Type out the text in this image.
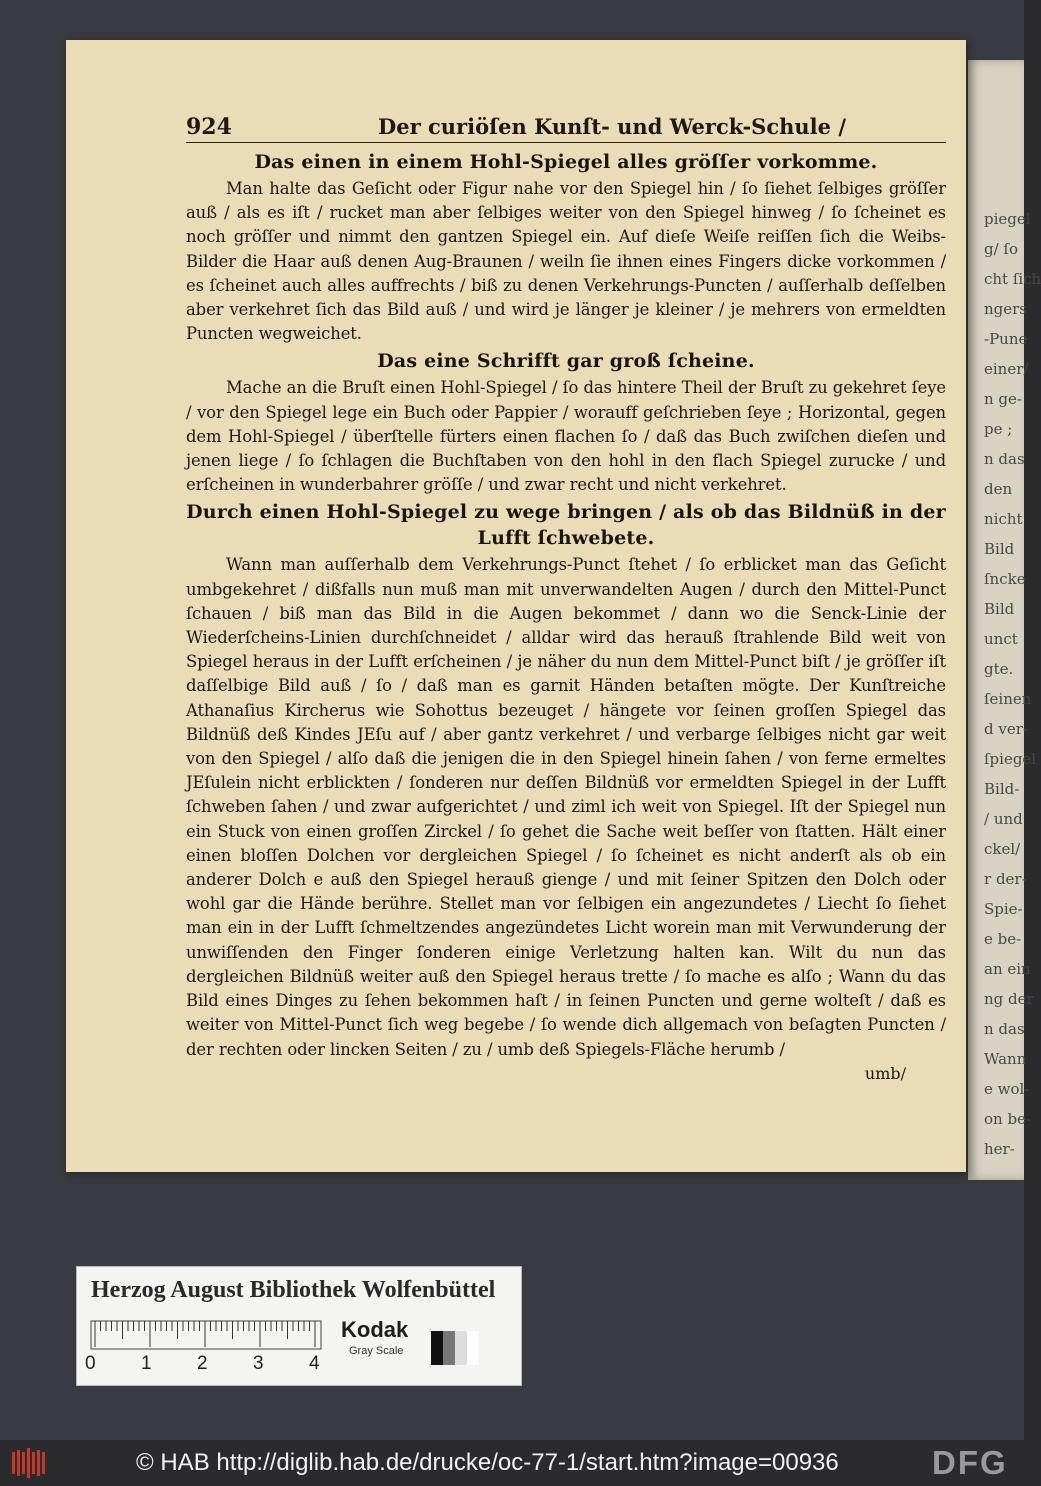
piegel
g/ ſo
cht ſich
ngers
-Pune
einer/
n ge-
pe ;
n das
den
nicht
Bild
ſncke
Bild
unct
gte.
ſeinen
d ver-
ſpiegel
Bild-
/ und
ckel/
r der-
Spie-
e be-
an ein
ng der
n das
Wann
e wol-
on be-
her-
924	Der curiöſen Kunſt- und Werck-Schule /
Das einen in einem Hohl-Spiegel alles gröſſer vorkomme.

Man halte das Geſicht oder Figur nahe vor den Spiegel hin / ſo ſiehet ſelbiges gröſſer auß / als es iſt / rucket man aber ſelbiges weiter von den Spiegel hinweg / ſo ſcheinet es noch gröſſer und nimmt den gantzen Spiegel ein. Auf dieſe Weiſe reiſſen ſich die Weibs-Bilder die Haar auß denen Aug-Braunen / weiln ſie ihnen eines Fingers dicke vorkommen / es ſcheinet auch alles auffrechts / biß zu denen Verkehrungs-Puncten / auſſerhalb deſſelben aber verkehret ſich das Bild auß / und wird je länger je kleiner / je mehrers von ermeldten Puncten wegweichet.

Das eine Schrifft gar groß ſcheine.

Mache an die Bruſt einen Hohl-Spiegel / ſo das hintere Theil der Bruſt zu gekehret ſeye / vor den Spiegel lege ein Buch oder Pappier / worauff geſchrieben ſeye ; Horizontal, gegen dem Hohl-Spiegel / überſtelle fürters einen flachen ſo / daß das Buch zwiſchen dieſen und jenen liege / ſo ſchlagen die Buchſtaben von den hohl in den flach Spiegel zurucke / und erſcheinen in wunderbahrer gröſſe / und zwar recht und nicht verkehret.

Durch einen Hohl-Spiegel zu wege bringen / als ob das Bildnüß in der Lufft ſchwebete.

Wann man auſſerhalb dem Verkehrungs-Punct ſtehet / ſo erblicket man das Geſicht umbgekehret / dißfalls nun muß man mit unverwandelten Augen / durch den Mittel-Punct ſchauen / biß man das Bild in die Augen bekommet / dann wo die Senck-Linie der Wiederſcheins-Linien durchſchneidet / alldar wird das herauß ſtrahlende Bild weit von Spiegel heraus in der Lufft erſcheinen / je näher du nun dem Mittel-Punct biſt / je gröſſer iſt daſſelbige Bild auß / ſo / daß man es garnit Händen betaſten mögte. Der Kunſtreiche Athanaſius Kircherus wie Sohottus bezeuget / hängete vor ſeinen groſſen Spiegel das Bildnüß deß Kindes JEſu auf / aber gantz verkehret / und verbarge ſelbiges nicht gar weit von den Spiegel / alſo daß die jenigen die in den Spiegel hinein ſahen / von ferne ermeltes JEſulein nicht erblickten / ſonderen nur deſſen Bildnüß vor ermeldten Spiegel in der Lufft ſchweben ſahen / und zwar aufgerichtet / und ziml ich weit von Spiegel. Iſt der Spiegel nun ein Stuck von einen groſſen Zirckel / ſo gehet die Sache weit beſſer von ſtatten. Hält einer einen bloſſen Dolchen vor dergleichen Spiegel / ſo ſcheinet es nicht anderſt als ob ein anderer Dolch e auß den Spiegel herauß gienge / und mit ſeiner Spitzen den Dolch oder wohl gar die Hände berühre. Stellet man vor ſelbigen ein angezundetes / Liecht ſo ſiehet man ein in der Lufft ſchmeltzendes angezündetes Licht worein man mit Verwunderung der unwiſſenden den Finger ſonderen einige Verletzung halten kan. Wilt du nun das dergleichen Bildnüß weiter auß den Spiegel heraus trette / ſo mache es alſo ; Wann du das Bild eines Dinges zu ſehen bekommen haſt / in ſeinen Puncten und gerne wolteſt / daß es weiter von Mittel-Punct ſich weg begebe / ſo wende dich allgemach von beſagten Puncten / der rechten oder lincken Seiten / zu / umb deß Spiegels-Fläche herumb /

umb/
Herzog August Bibliothek Wolfenbüttel
0 1 2 3 4
Kodak
Gray Scale
© HAB http://diglib.hab.de/drucke/oc-77-1/start.htm?image=00936	DFG
